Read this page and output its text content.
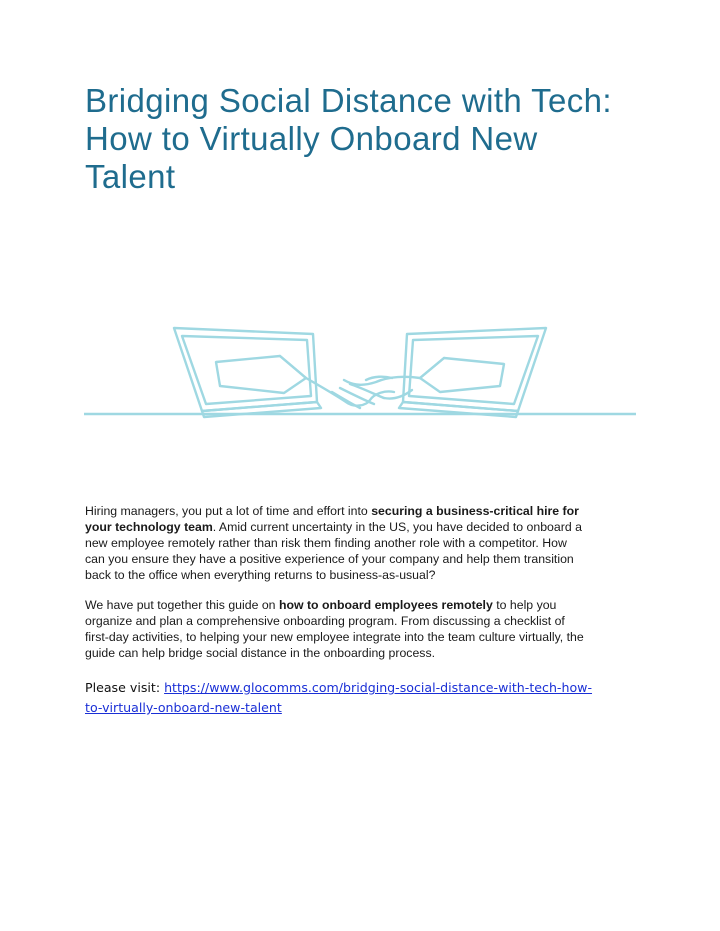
Bridging Social Distance with Tech:
How to Virtually Onboard New
Talent
Hiring managers, you put a lot of time and effort into securing a business-critical hire for
your technology team. Amid current uncertainty in the US, you have decided to onboard a
new employee remotely rather than risk them finding another role with a competitor. How
can you ensure they have a positive experience of your company and help them transition
back to the office when everything returns to business-as-usual?
We have put together this guide on how to onboard employees remotely to help you
organize and plan a comprehensive onboarding program. From discussing a checklist of
first-day activities, to helping your new employee integrate into the team culture virtually, the
guide can help bridge social distance in the onboarding process.
Please visit: https://www.glocomms.com/bridging-social-distance-with-tech-how-
to-virtually-onboard-new-talent
